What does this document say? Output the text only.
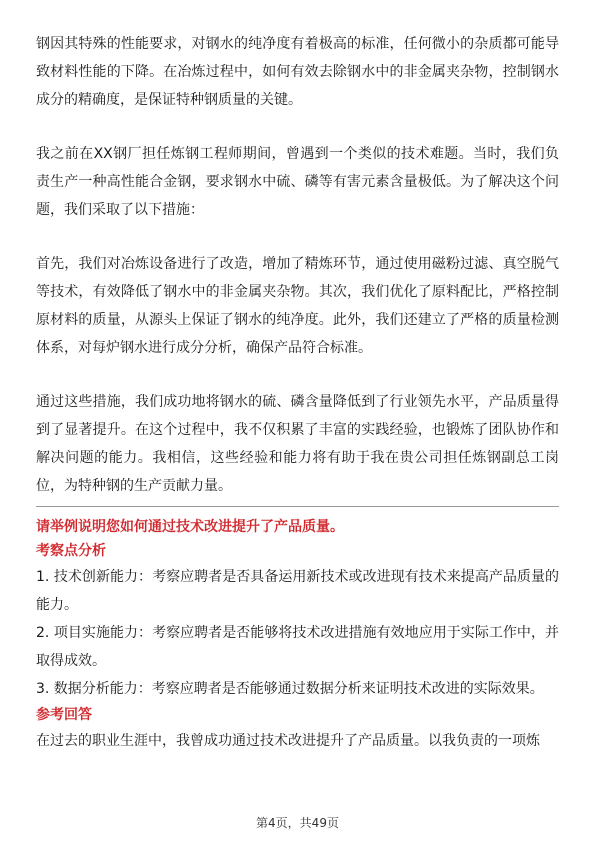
钢因其特殊的性能要求，对钢水的纯净度有着极高的标准，任何微小的杂质都可能导致材料性能的下降。在冶炼过程中，如何有效去除钢水中的非金属夹杂物，控制钢水成分的精确度，是保证特种钢质量的关键。

我之前在XX钢厂担任炼钢工程师期间，曾遇到一个类似的技术难题。当时，我们负责生产一种高性能合金钢，要求钢水中硫、磷等有害元素含量极低。为了解决这个问题，我们采取了以下措施：

首先，我们对冶炼设备进行了改造，增加了精炼环节，通过使用磁粉过滤、真空脱气等技术，有效降低了钢水中的非金属夹杂物。其次，我们优化了原料配比，严格控制原材料的质量，从源头上保证了钢水的纯净度。此外，我们还建立了严格的质量检测体系，对每炉钢水进行成分分析，确保产品符合标准。

通过这些措施，我们成功地将钢水的硫、磷含量降低到了行业领先水平，产品质量得到了显著提升。在这个过程中，我不仅积累了丰富的实践经验，也锻炼了团队协作和解决问题的能力。我相信，这些经验和能力将有助于我在贵公司担任炼钢副总工岗位，为特种钢的生产贡献力量。

请举例说明您如何通过技术改进提升了产品质量。

考察点分析

1. 技术创新能力：考察应聘者是否具备运用新技术或改进现有技术来提高产品质量的能力。

2. 项目实施能力：考察应聘者是否能够将技术改进措施有效地应用于实际工作中，并取得成效。

3. 数据分析能力：考察应聘者是否能够通过数据分析来证明技术改进的实际效果。

参考回答

在过去的职业生涯中，我曾成功通过技术改进提升了产品质量。以我负责的一项炼

第4页，共49页
